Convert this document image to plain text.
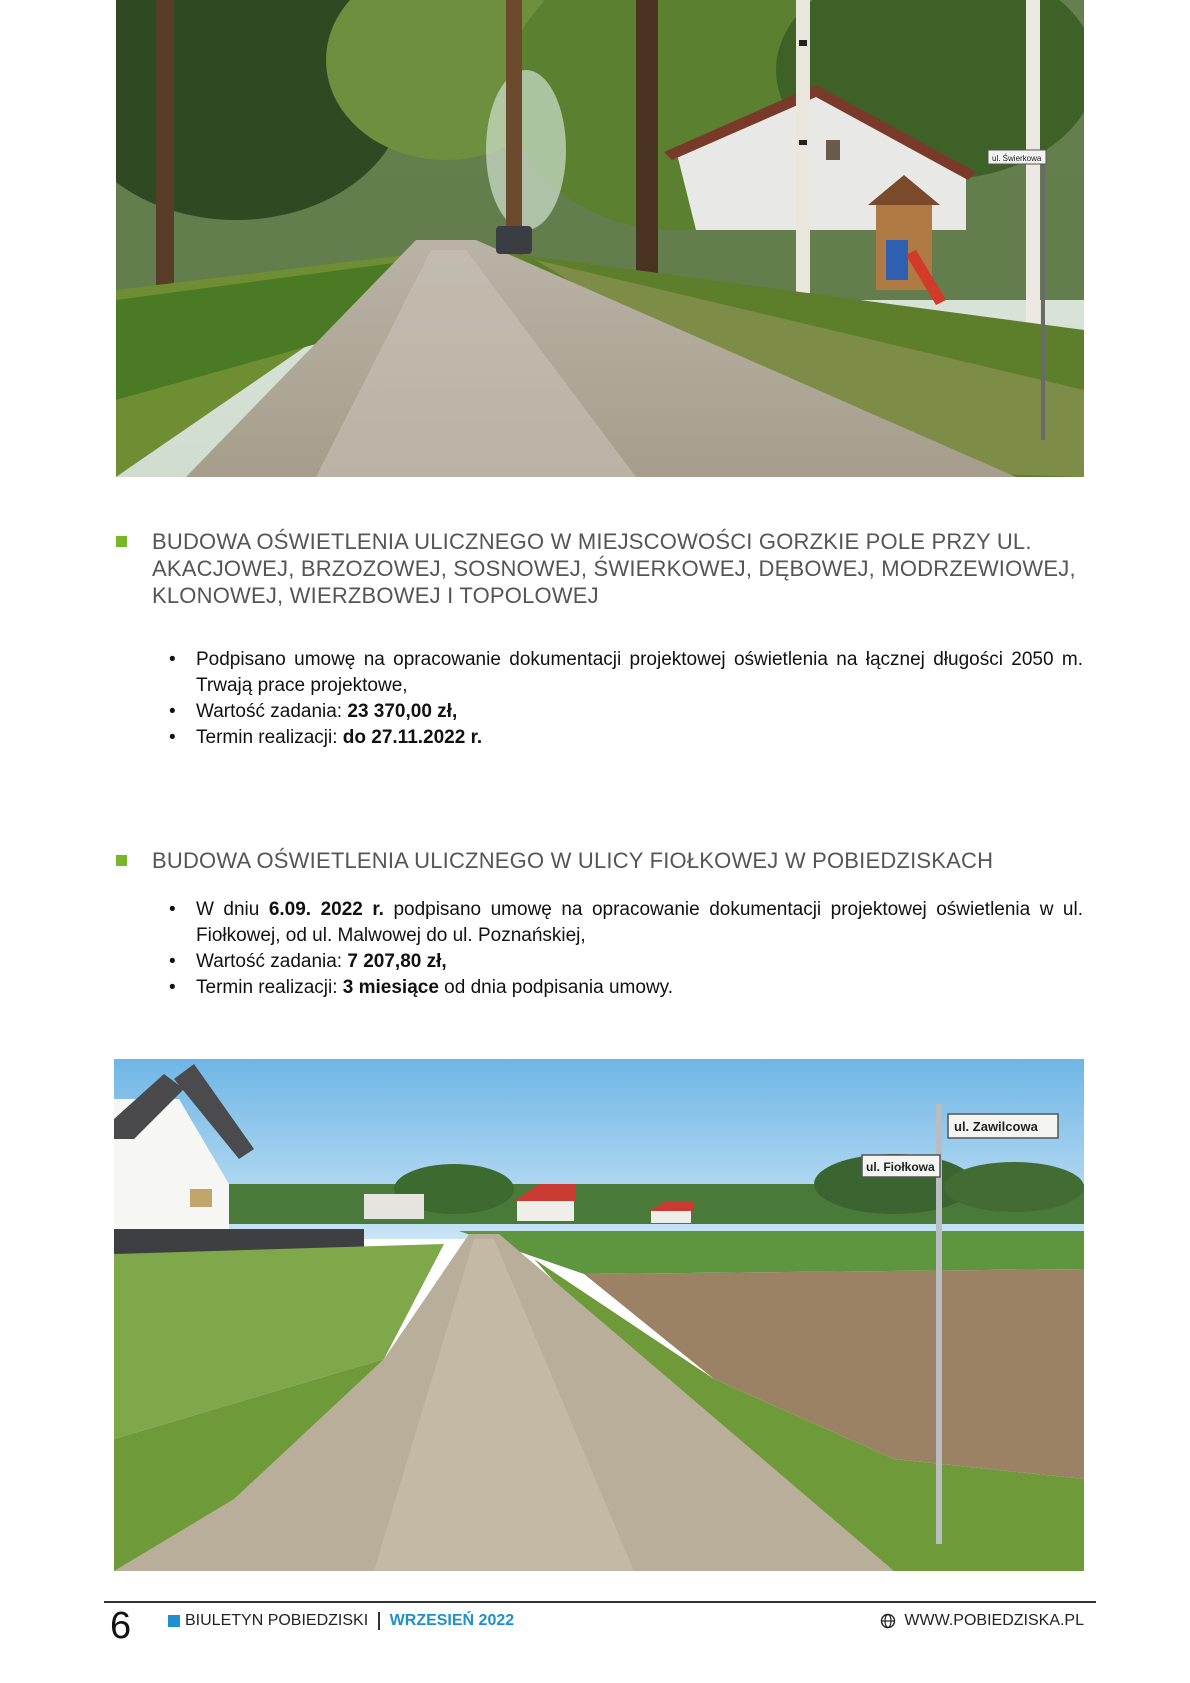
ul. Świerkowa
BUDOWA OŚWIETLENIA ULICZNEGO W MIEJSCOWOŚCI GORZKIE POLE PRZY UL. AKACJOWEJ, BRZOZOWEJ, SOSNOWEJ, ŚWIERKOWEJ, DĘBOWEJ, MODRZEWIOWEJ, KLONOWEJ, WIERZBOWEJ I TOPOLOWEJ
• Podpisano umowę na opracowanie dokumentacji projektowej oświetlenia na łącznej długości 2050 m. Trwają prace projektowe,
• Wartość zadania: 23 370,00 zł,
• Termin realizacji: do 27.11.2022 r.
BUDOWA OŚWIETLENIA ULICZNEGO W ULICY FIOŁKOWEJ W POBIEDZISKACH
• W dniu 6.09. 2022 r. podpisano umowę na opracowanie dokumentacji projektowej oświetlenia w ul. Fiołkowej, od ul. Malwowej do ul. Poznańskiej,
• Wartość zadania: 7 207,80 zł,
• Termin realizacji: 3 miesiące od dnia podpisania umowy.
ul. Zawilcowa
ul. Fiołkowa
6	BIULETYN POBIEDZISKI WRZESIEŃ 2022	WWW.POBIEDZISKA.PL
